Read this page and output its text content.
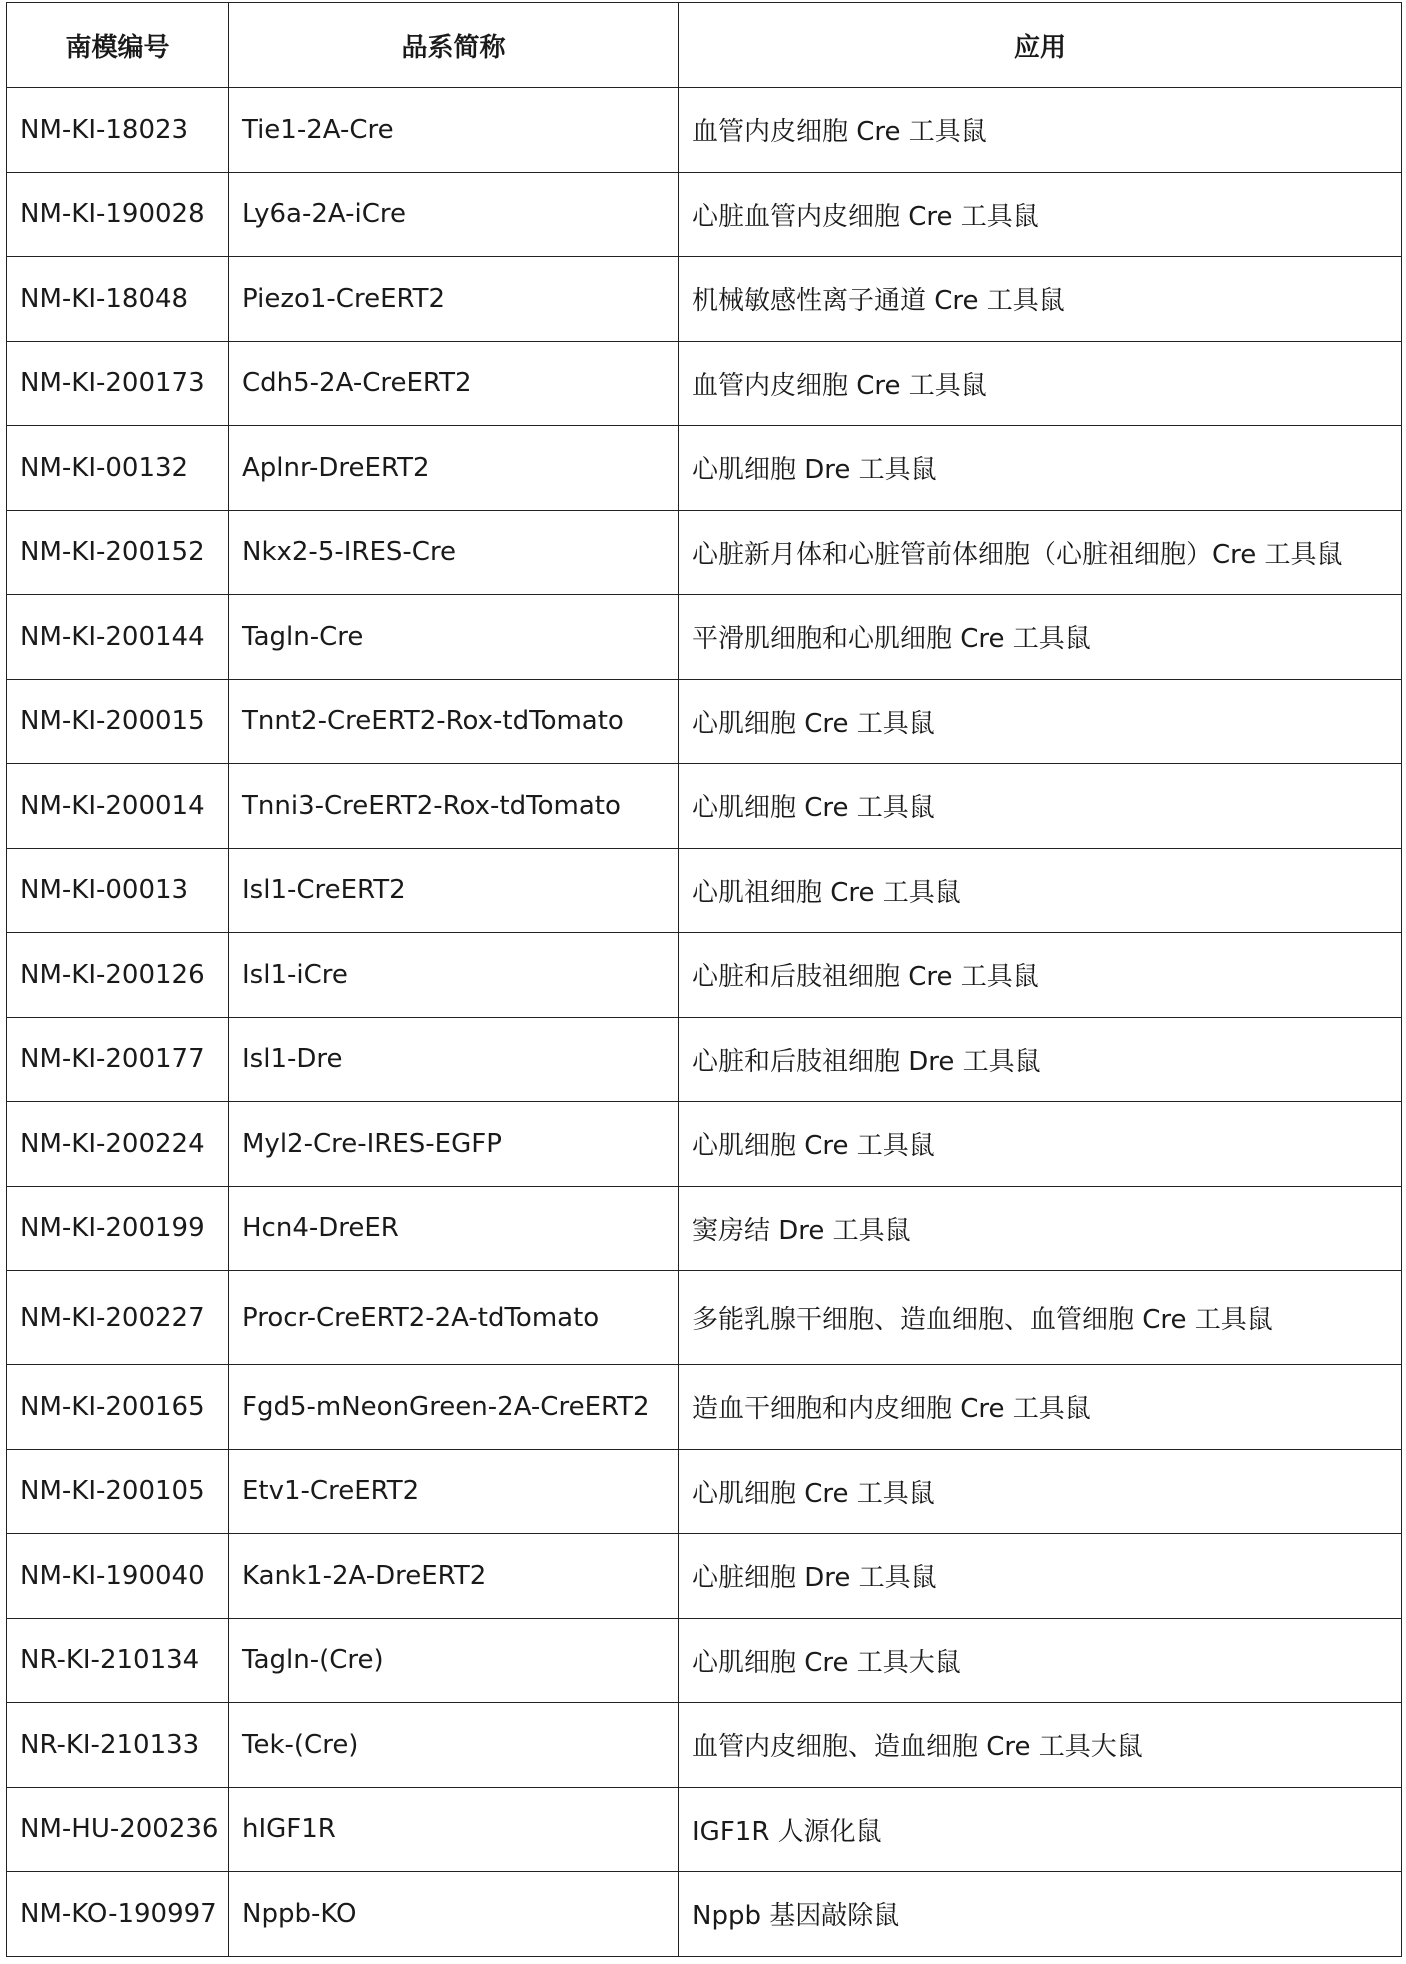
南模编号	品系简称	应用
NM-KI-18023	Tie1-2A-Cre	血管内皮细胞 Cre 工具鼠
NM-KI-190028	Ly6a-2A-iCre	心脏血管内皮细胞 Cre 工具鼠
NM-KI-18048	Piezo1-CreERT2	机械敏感性离子通道 Cre 工具鼠
NM-KI-200173	Cdh5-2A-CreERT2	血管内皮细胞 Cre 工具鼠
NM-KI-00132	Aplnr-DreERT2	心肌细胞 Dre 工具鼠
NM-KI-200152	Nkx2-5-IRES-Cre	心脏新月体和心脏管前体细胞（心脏祖细胞）Cre 工具鼠
NM-KI-200144	Tagln-Cre	平滑肌细胞和心肌细胞 Cre 工具鼠
NM-KI-200015	Tnnt2-CreERT2-Rox-tdTomato	心肌细胞 Cre 工具鼠
NM-KI-200014	Tnni3-CreERT2-Rox-tdTomato	心肌细胞 Cre 工具鼠
NM-KI-00013	Isl1-CreERT2	心肌祖细胞 Cre 工具鼠
NM-KI-200126	Isl1-iCre	心脏和后肢祖细胞 Cre 工具鼠
NM-KI-200177	Isl1-Dre	心脏和后肢祖细胞 Dre 工具鼠
NM-KI-200224	Myl2-Cre-IRES-EGFP	心肌细胞 Cre 工具鼠
NM-KI-200199	Hcn4-DreER	窦房结 Dre 工具鼠
NM-KI-200227	Procr-CreERT2-2A-tdTomato	多能乳腺干细胞、造血细胞、血管细胞 Cre 工具鼠
NM-KI-200165	Fgd5-mNeonGreen-2A-CreERT2	造血干细胞和内皮细胞 Cre 工具鼠
NM-KI-200105	Etv1-CreERT2	心肌细胞 Cre 工具鼠
NM-KI-190040	Kank1-2A-DreERT2	心脏细胞 Dre 工具鼠
NR-KI-210134	Tagln-(Cre)	心肌细胞 Cre 工具大鼠
NR-KI-210133	Tek-(Cre)	血管内皮细胞、造血细胞 Cre 工具大鼠
NM-HU-200236	hIGF1R	IGF1R 人源化鼠
NM-KO-190997	Nppb-KO	Nppb 基因敲除鼠
